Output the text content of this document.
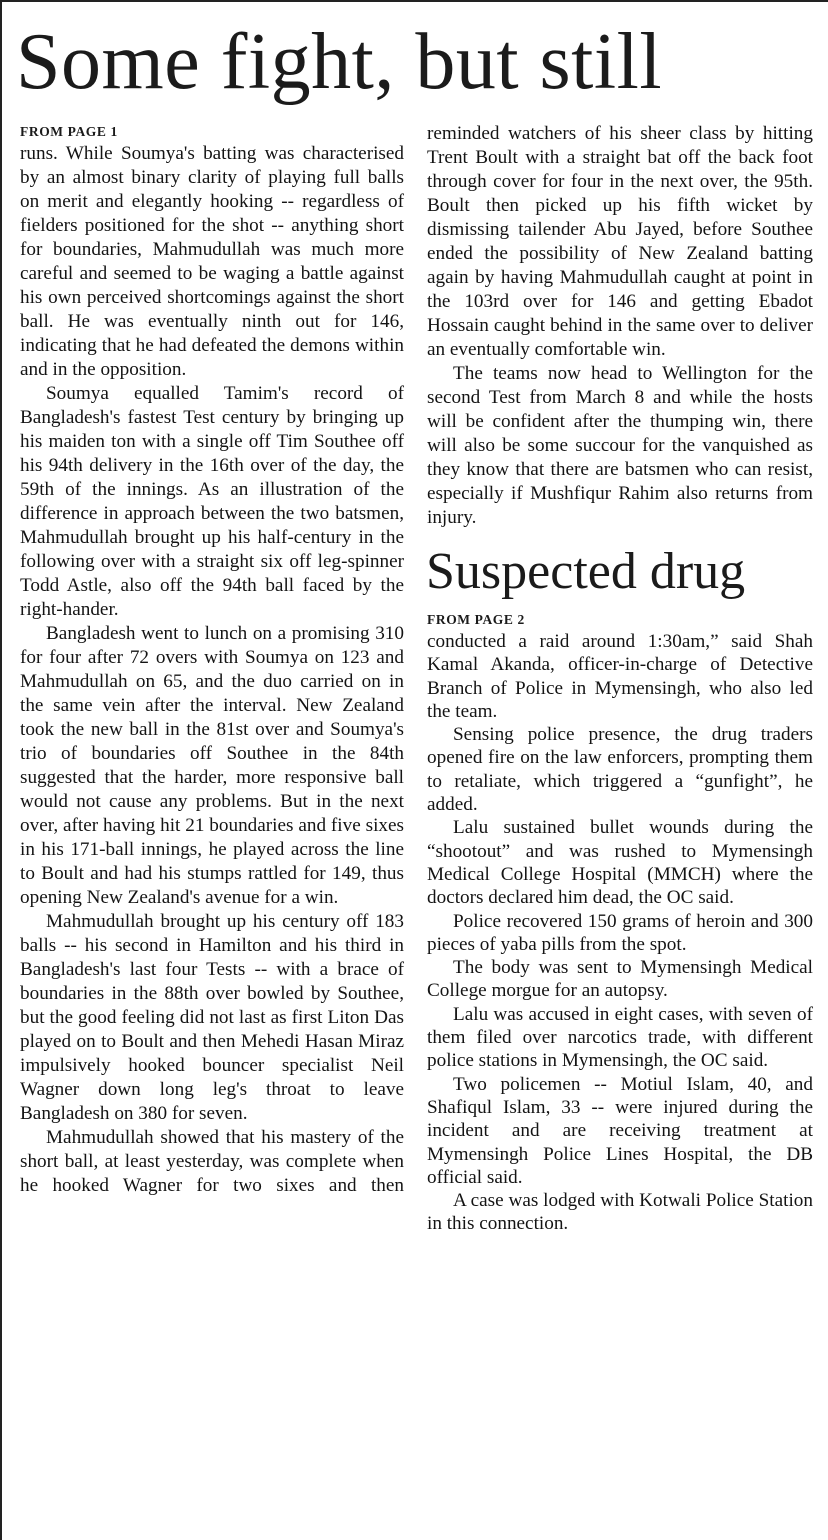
Some fight, but still
FROM PAGE 1

runs. While Soumya's batting was characterised by an almost binary clarity of playing full balls on merit and elegantly hooking -- regardless of fielders positioned for the shot -- anything short for boundaries, Mahmudullah was much more careful and seemed to be waging a battle against his own perceived shortcomings against the short ball. He was eventually ninth out for 146, indicating that he had defeated the demons within and in the opposition.

Soumya equalled Tamim's record of Bangladesh's fastest Test century by bringing up his maiden ton with a single off Tim Southee off his 94th delivery in the 16th over of the day, the 59th of the innings. As an illustration of the difference in approach between the two batsmen, Mahmudullah brought up his half-century in the following over with a straight six off leg-spinner Todd Astle, also off the 94th ball faced by the right-hander.

Bangladesh went to lunch on a promising 310 for four after 72 overs with Soumya on 123 and Mahmudullah on 65, and the duo carried on in the same vein after the interval. New Zealand took the new ball in the 81st over and Soumya's trio of boundaries off Southee in the 84th suggested that the harder, more responsive ball would not cause any problems. But in the next over, after having hit 21 boundaries and five sixes in his 171-ball innings, he played across the line to Boult and had his stumps rattled for 149, thus opening New Zealand's avenue for a win.

Mahmudullah brought up his century off 183 balls -- his second in Hamilton and his third in Bangladesh's last four Tests -- with a brace of boundaries in the 88th over bowled by Southee, but the good feeling did not last as first Liton Das played on to Boult and then Mehedi Hasan Miraz impulsively hooked bouncer specialist Neil Wagner down long leg's throat to leave Bangladesh on 380 for seven.

Mahmudullah showed that his mastery of the short ball, at least yesterday, was complete when he hooked Wagner for two sixes and then

reminded watchers of his sheer class by hitting Trent Boult with a straight bat off the back foot through cover for four in the next over, the 95th. Boult then picked up his fifth wicket by dismissing tailender Abu Jayed, before Southee ended the possibility of New Zealand batting again by having Mahmudullah caught at point in the 103rd over for 146 and getting Ebadot Hossain caught behind in the same over to deliver an eventually comfortable win.

The teams now head to Wellington for the second Test from March 8 and while the hosts will be confident after the thumping win, there will also be some succour for the vanquished as they know that there are batsmen who can resist, especially if Mushfiqur Rahim also returns from injury.

Suspected drug
FROM PAGE 2

conducted a raid around 1:30am,” said Shah Kamal Akanda, officer-in-charge of Detective Branch of Police in Mymensingh, who also led the team.

Sensing police presence, the drug traders opened fire on the law enforcers, prompting them to retaliate, which triggered a “gunfight”, he added.

Lalu sustained bullet wounds during the “shootout” and was rushed to Mymensingh Medical College Hospital (MMCH) where the doctors declared him dead, the OC said.

Police recovered 150 grams of heroin and 300 pieces of yaba pills from the spot.

The body was sent to Mymensingh Medical College morgue for an autopsy.

Lalu was accused in eight cases, with seven of them filed over narcotics trade, with different police stations in Mymensingh, the OC said.

Two policemen -- Motiul Islam, 40, and Shafiqul Islam, 33 -- were injured during the incident and are receiving treatment at Mymensingh Police Lines Hospital, the DB official said.

A case was lodged with Kotwali Police Station in this connection.
